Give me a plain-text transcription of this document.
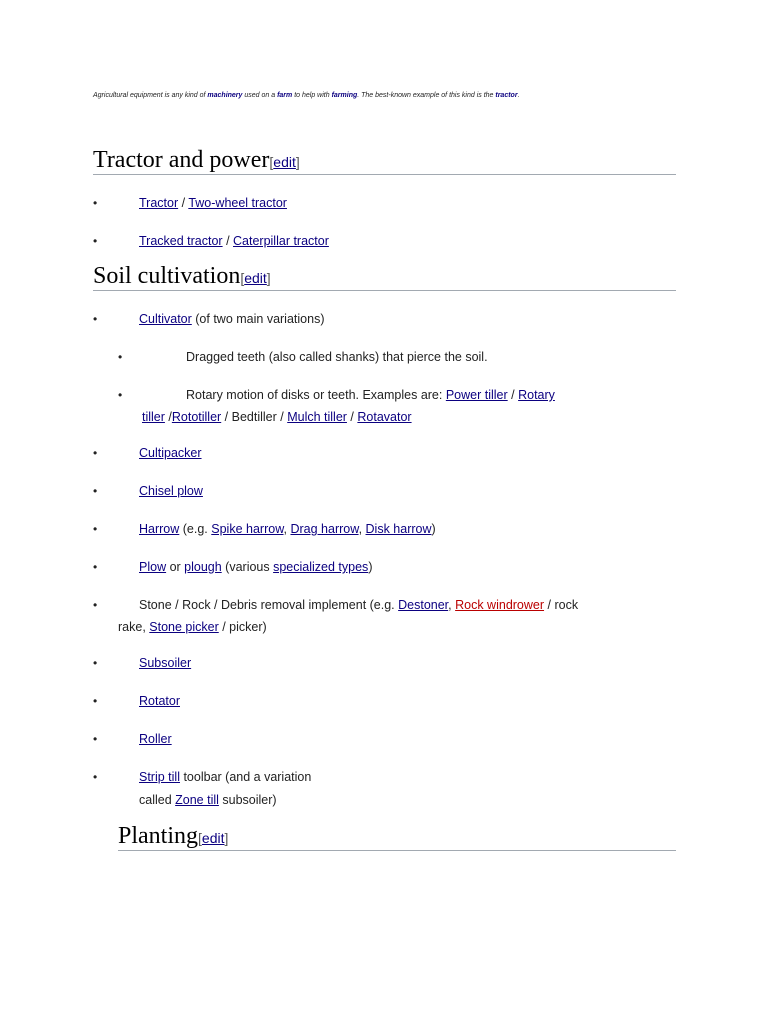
Agricultural equipment is any kind of machinery used on a farm to help with farming. The best-known example of this kind is the tractor.
Tractor and power[edit]
•	Tractor / Two-wheel tractor
•	Tracked tractor / Caterpillar tractor
Soil cultivation[edit]
•	Cultivator (of two main variations)
•	Dragged teeth (also called shanks) that pierce the soil.
•	Rotary motion of disks or teeth. Examples are: Power tiller / Rotary
tiller /Rototiller / Bedtiller / Mulch tiller / Rotavator
•	Cultipacker
•	Chisel plow
•	Harrow (e.g. Spike harrow, Drag harrow, Disk harrow)
•	Plow or plough (various specialized types)
•	Stone / Rock / Debris removal implement (e.g. Destoner, Rock windrower / rock
rake, Stone picker / picker)
•	Subsoiler
•	Rotator
•	Roller
•	Strip till toolbar (and a variation
called Zone till subsoiler)
Planting[edit]
